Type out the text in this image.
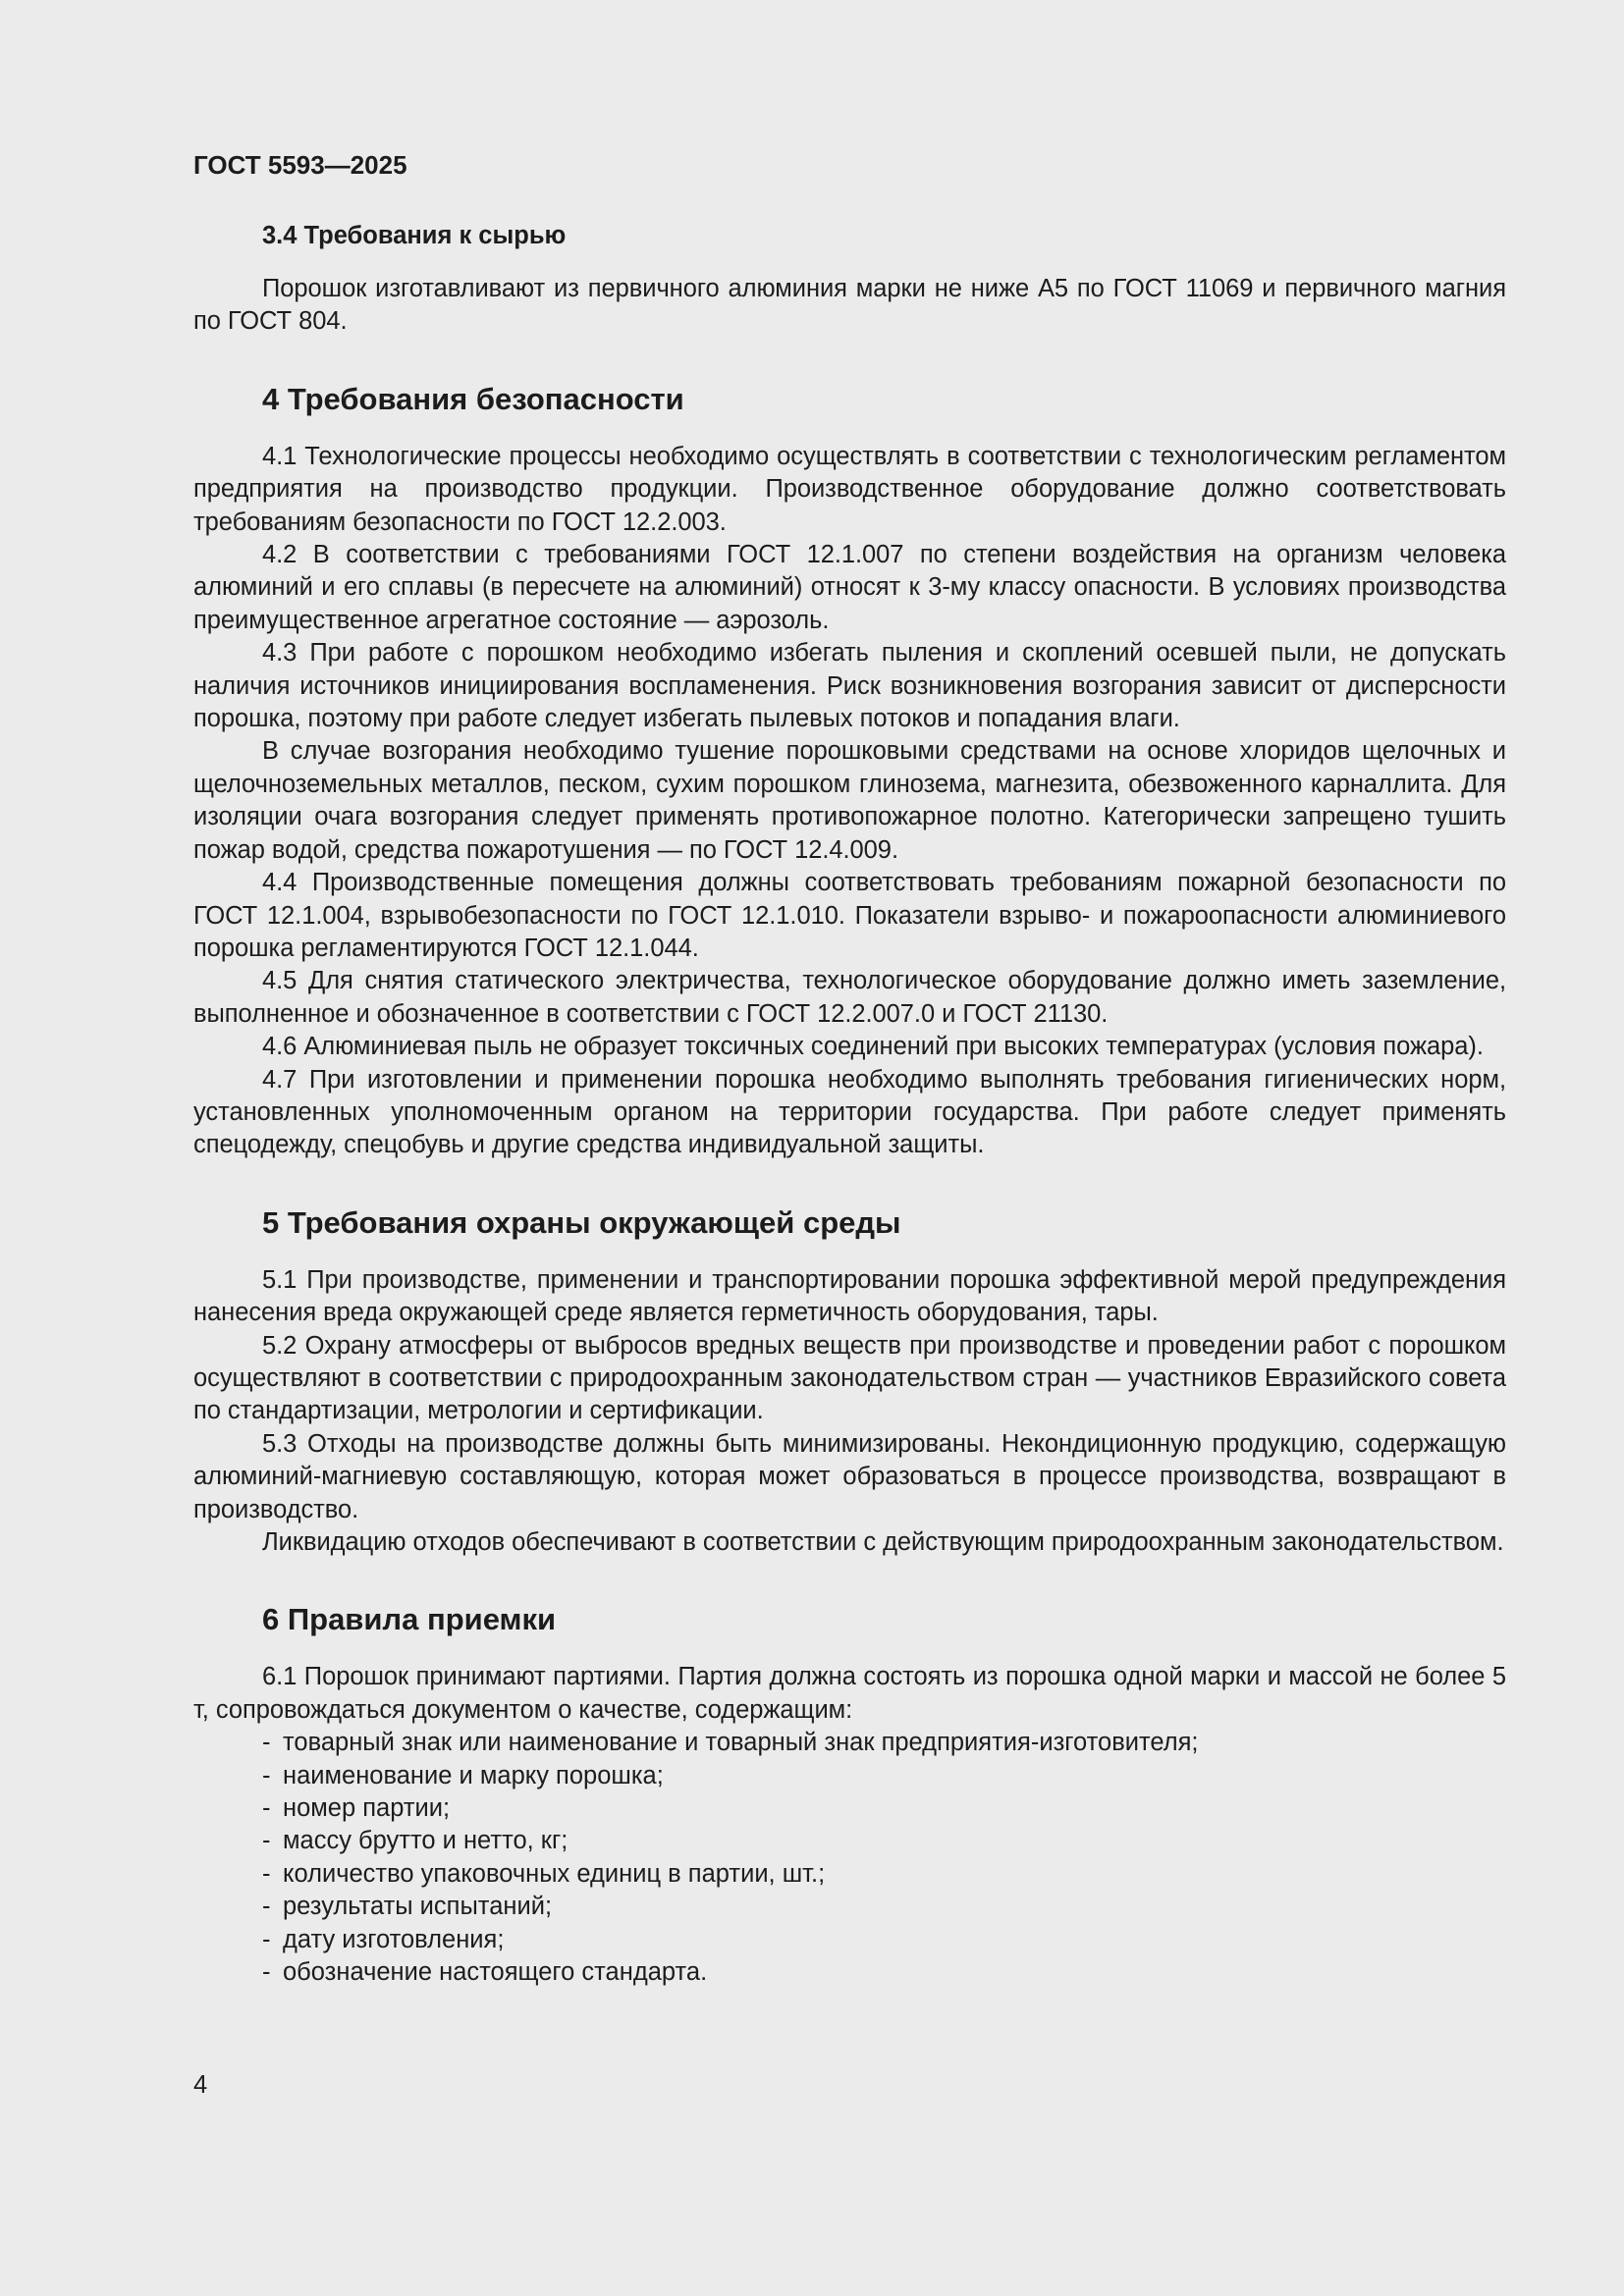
ГОСТ 5593—2025
3.4 Требования к сырью

Порошок изготавливают из первичного алюминия марки не ниже А5 по ГОСТ 11069 и первичного магния по ГОСТ 804.

4 Требования безопасности

4.1 Технологические процессы необходимо осуществлять в соответствии с технологическим регламентом предприятия на производство продукции. Производственное оборудование должно соответствовать требованиям безопасности по ГОСТ 12.2.003.

4.2 В соответствии с требованиями ГОСТ 12.1.007 по степени воздействия на организм человека алюминий и его сплавы (в пересчете на алюминий) относят к 3-му классу опасности. В условиях производства преимущественное агрегатное состояние — аэрозоль.

4.3 При работе с порошком необходимо избегать пыления и скоплений осевшей пыли, не допускать наличия источников инициирования воспламенения. Риск возникновения возгорания зависит от дисперсности порошка, поэтому при работе следует избегать пылевых потоков и попадания влаги.

В случае возгорания необходимо тушение порошковыми средствами на основе хлоридов щелочных и щелочноземельных металлов, песком, сухим порошком глинозема, магнезита, обезвоженного карналлита. Для изоляции очага возгорания следует применять противопожарное полотно. Категорически запрещено тушить пожар водой, средства пожаротушения — по ГОСТ 12.4.009.

4.4 Производственные помещения должны соответствовать требованиям пожарной безопасности по ГОСТ 12.1.004, взрывобезопасности по ГОСТ 12.1.010. Показатели взрыво- и пожароопасности алюминиевого порошка регламентируются ГОСТ 12.1.044.

4.5 Для снятия статического электричества, технологическое оборудование должно иметь заземление, выполненное и обозначенное в соответствии с ГОСТ 12.2.007.0 и ГОСТ 21130.

4.6 Алюминиевая пыль не образует токсичных соединений при высоких температурах (условия пожара).

4.7 При изготовлении и применении порошка необходимо выполнять требования гигиенических норм, установленных уполномоченным органом на территории государства. При работе следует применять спецодежду, спецобувь и другие средства индивидуальной защиты.

5 Требования охраны окружающей среды

5.1 При производстве, применении и транспортировании порошка эффективной мерой предупреждения нанесения вреда окружающей среде является герметичность оборудования, тары.

5.2 Охрану атмосферы от выбросов вредных веществ при производстве и проведении работ с порошком осуществляют в соответствии с природоохранным законодательством стран — участников Евразийского совета по стандартизации, метрологии и сертификации.

5.3 Отходы на производстве должны быть минимизированы. Некондиционную продукцию, содержащую алюминий-магниевую составляющую, которая может образоваться в процессе производства, возвращают в производство.

Ликвидацию отходов обеспечивают в соответствии с действующим природоохранным законодательством.

6 Правила приемки

6.1 Порошок принимают партиями. Партия должна состоять из порошка одной марки и массой не более 5 т, сопровождаться документом о качестве, содержащим:

- товарный знак или наименование и товарный знак предприятия-изготовителя;
- наименование и марку порошка;
- номер партии;
- массу брутто и нетто, кг;
- количество упаковочных единиц в партии, шт.;
- результаты испытаний;
- дату изготовления;
- обозначение настоящего стандарта.
4
